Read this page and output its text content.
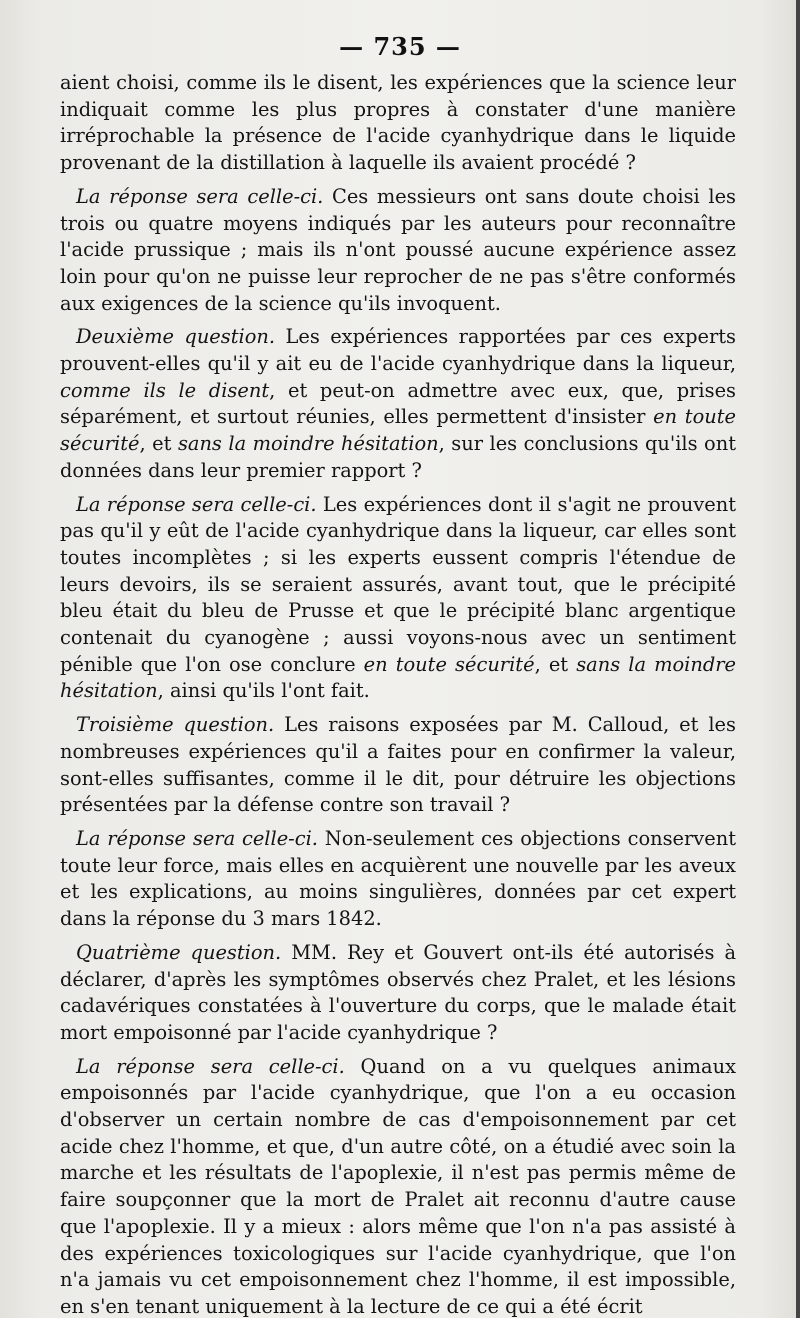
— 735 —

aient choisi, comme ils le disent, les expériences que la science leur indiquait comme les plus propres à constater d'une manière irréprochable la présence de l'acide cyanhydrique dans le liquide provenant de la distillation à laquelle ils avaient procédé ?

La réponse sera celle-ci. Ces messieurs ont sans doute choisi les trois ou quatre moyens indiqués par les auteurs pour reconnaître l'acide prussique ; mais ils n'ont poussé aucune expérience assez loin pour qu'on ne puisse leur reprocher de ne pas s'être conformés aux exigences de la science qu'ils invoquent.

Deuxième question. Les expériences rapportées par ces experts prouvent-elles qu'il y ait eu de l'acide cyanhydrique dans la liqueur, comme ils le disent, et peut-on admettre avec eux, que, prises séparément, et surtout réunies, elles permettent d'insister en toute sécurité, et sans la moindre hésitation, sur les conclusions qu'ils ont données dans leur premier rapport ?

La réponse sera celle-ci. Les expériences dont il s'agit ne prouvent pas qu'il y eût de l'acide cyanhydrique dans la liqueur, car elles sont toutes incomplètes ; si les experts eussent compris l'étendue de leurs devoirs, ils se seraient assurés, avant tout, que le précipité bleu était du bleu de Prusse et que le précipité blanc argentique contenait du cyanogène ; aussi voyons-nous avec un sentiment pénible que l'on ose conclure en toute sécurité, et sans la moindre hésitation, ainsi qu'ils l'ont fait.

Troisième question. Les raisons exposées par M. Calloud, et les nombreuses expériences qu'il a faites pour en confirmer la valeur, sont-elles suffisantes, comme il le dit, pour détruire les objections présentées par la défense contre son travail ?

La réponse sera celle-ci. Non-seulement ces objections conservent toute leur force, mais elles en acquièrent une nouvelle par les aveux et les explications, au moins singulières, données par cet expert dans la réponse du 3 mars 1842.

Quatrième question. MM. Rey et Gouvert ont-ils été autorisés à déclarer, d'après les symptômes observés chez Pralet, et les lésions cadavériques constatées à l'ouverture du corps, que le malade était mort empoisonné par l'acide cyanhydrique ?

La réponse sera celle-ci. Quand on a vu quelques animaux empoisonnés par l'acide cyanhydrique, que l'on a eu occasion d'observer un certain nombre de cas d'empoisonnement par cet acide chez l'homme, et que, d'un autre côté, on a étudié avec soin la marche et les résultats de l'apoplexie, il n'est pas permis même de faire soupçonner que la mort de Pralet ait reconnu d'autre cause que l'apoplexie. Il y a mieux : alors même que l'on n'a pas assisté à des expériences toxicologiques sur l'acide cyanhydrique, que l'on n'a jamais vu cet empoisonnement chez l'homme, il est impossible, en s'en tenant uniquement à la lecture de ce qui a été écrit
